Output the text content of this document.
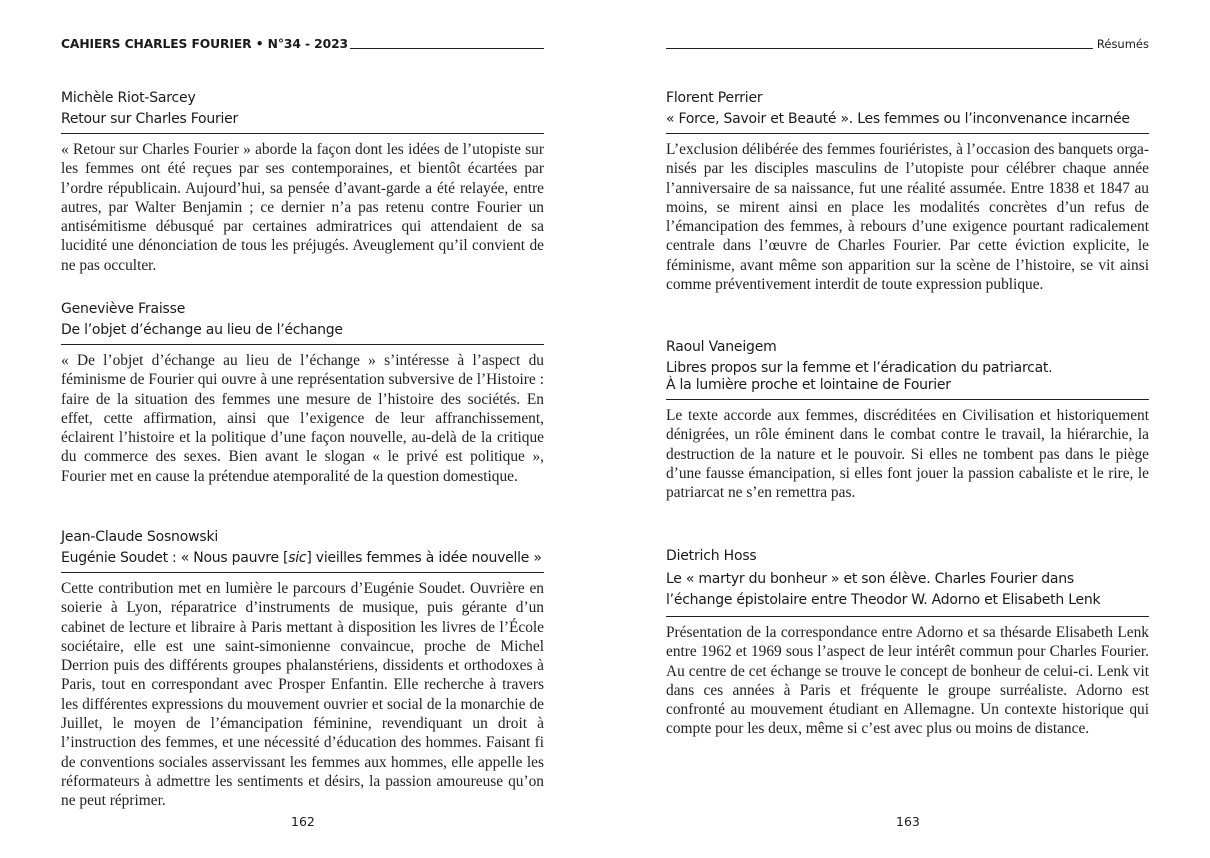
CAHIERS CHARLES FOURIER • N°34 - 2023
Michèle Riot-Sarcey
Retour sur Charles Fourier
« Retour sur Charles Fourier » aborde la façon dont les idées de l’utopiste sur les femmes ont été reçues par ses contemporaines, et bientôt écartées par l’ordre républicain. Aujourd’hui, sa pensée d’avant-garde a été relayée, entre autres, par Walter Benjamin ; ce dernier n’a pas retenu contre Fourier un antisémitisme débusqué par certaines admiratrices qui attendaient de sa lucidité une dénonciation de tous les préjugés. Aveuglement qu’il convient de ne pas occulter.
Geneviève Fraisse
De l’objet d’échange au lieu de l’échange
« De l’objet d’échange au lieu de l’échange » s’intéresse à l’aspect du féminisme de Fourier qui ouvre à une représentation subversive de l’Histoire : faire de la situation des femmes une mesure de l’histoire des sociétés. En effet, cette affirmation, ainsi que l’exigence de leur affranchissement, éclairent l’histoire et la politique d’une façon nouvelle, au-delà de la critique du commerce des sexes. Bien avant le slogan « le privé est politique », Fourier met en cause la prétendue atemporalité de la question domestique.
Jean-Claude Sosnowski
Eugénie Soudet : « Nous pauvre [sic] vieilles femmes à idée nouvelle »
Cette contribution met en lumière le parcours d’Eugénie Soudet. Ouvrière en soierie à Lyon, réparatrice d’instruments de musique, puis gérante d’un cabinet de lecture et libraire à Paris mettant à disposition les livres de l’École sociétaire, elle est une saint-simonienne convaincue, proche de Michel Derrion puis des différents groupes phalanstériens, dissidents et orthodoxes à Paris, tout en correspondant avec Prosper Enfantin. Elle recherche à travers les différentes expressions du mouvement ouvrier et social de la monarchie de Juillet, le moyen de l’émancipation féminine, revendiquant un droit à l’instruction des femmes, et une nécessité d’éducation des hommes. Faisant fi de conventions sociales asservissant les femmes aux hommes, elle appelle les réformateurs à admettre les sentiments et désirs, la passion amoureuse qu’on ne peut réprimer.
162
Résumés
Florent Perrier
« Force, Savoir et Beauté ». Les femmes ou l’inconvenance incarnée
L’exclusion délibérée des femmes fouriéristes, à l’occasion des banquets organisés par les disciples masculins de l’utopiste pour célébrer chaque année l’anniversaire de sa naissance, fut une réalité assumée. Entre 1838 et 1847 au moins, se mirent ainsi en place les modalités concrètes d’un refus de l’émancipation des femmes, à rebours d’une exigence pourtant radicalement centrale dans l’œuvre de Charles Fourier. Par cette éviction explicite, le féminisme, avant même son apparition sur la scène de l’histoire, se vit ainsi comme préventivement interdit de toute expression publique.
Raoul Vaneigem
Libres propos sur la femme et l’éradication du patriarcat.
À la lumière proche et lointaine de Fourier
Le texte accorde aux femmes, discréditées en Civilisation et historiquement dénigrées, un rôle éminent dans le combat contre le travail, la hiérarchie, la destruction de la nature et le pouvoir. Si elles ne tombent pas dans le piège d’une fausse émancipation, si elles font jouer la passion cabaliste et le rire, le patriarcat ne s’en remettra pas.
Dietrich Hoss
Le « martyr du bonheur » et son élève. Charles Fourier dans
l’échange épistolaire entre Theodor W. Adorno et Elisabeth Lenk
Présentation de la correspondance entre Adorno et sa thésarde Elisabeth Lenk entre 1962 et 1969 sous l’aspect de leur intérêt commun pour Charles Fourier. Au centre de cet échange se trouve le concept de bonheur de celui-ci. Lenk vit dans ces années à Paris et fréquente le groupe surréaliste. Adorno est confronté au mouvement étudiant en Allemagne. Un contexte historique qui compte pour les deux, même si c’est avec plus ou moins de distance.
163
